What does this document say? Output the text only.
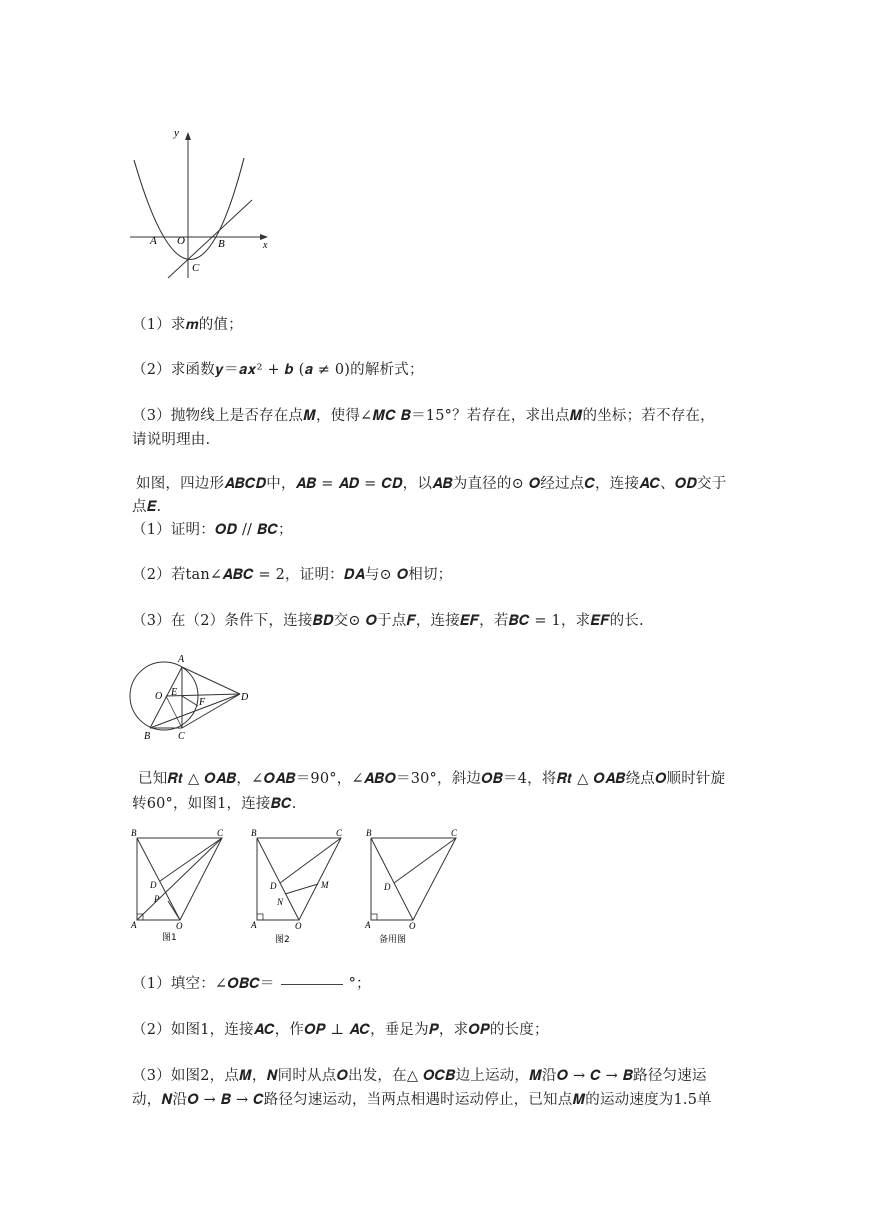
y
x
O
A	B
C
（1）求𝒎的值；
（2）求函数𝒚＝𝒂𝒙² + 𝒃 (𝒂 ≠ 0)的解析式；
（3）抛物线上是否存在点𝑴，使得∠𝑴𝑪 𝑩＝15°？若存在，求出点𝑴的坐标；若不存在，
请说明理由.
如图，四边形𝑨𝑩𝑪𝑫中，𝑨𝑩 = 𝑨𝑫 = 𝑪𝑫，以𝑨𝑩为直径的⊙ 𝑶经过点𝑪，连接𝑨𝑪、𝑶𝑫交于
点𝑬.
（1）证明：𝑶𝑫 // 𝑩𝑪；
（2）若tan∠𝑨𝑩𝑪 = 2，证明：𝑫𝑨与⊙ 𝑶相切；
（3）在（2）条件下，连接𝑩𝑫交⊙ 𝑶于点𝑭，连接𝑬𝑭，若𝑩𝑪 = 1，求𝑬𝑭的长.
A
O E
F	D
B	C
已知𝑹𝒕 △ 𝑶𝑨𝑩，∠𝑶𝑨𝑩＝90°，∠𝑨𝑩𝑶＝30°，斜边𝑶𝑩＝4，将𝑹𝒕 △ 𝑶𝑨𝑩绕点𝑶顺时针旋
转60°，如图1，连接𝑩𝑪.
B	C
D
P
A	O
图1
B	C
D	M
N
A	O
图2
B	C
D
A	O
备用图
（1）填空：∠𝑶𝑩𝑪＝	°；
（2）如图1，连接𝑨𝑪，作𝑶𝑷 ⊥ 𝑨𝑪，垂足为𝑷，求𝑶𝑷的长度；
（3）如图2，点𝑴，𝑵同时从点𝑶出发，在△ 𝑶𝑪𝑩边上运动，𝑴沿𝑶 → 𝑪 → 𝑩路径匀速运
动，𝑵沿𝑶 → 𝑩 → 𝑪路径匀速运动，当两点相遇时运动停止，已知点𝑴的运动速度为1.5单
